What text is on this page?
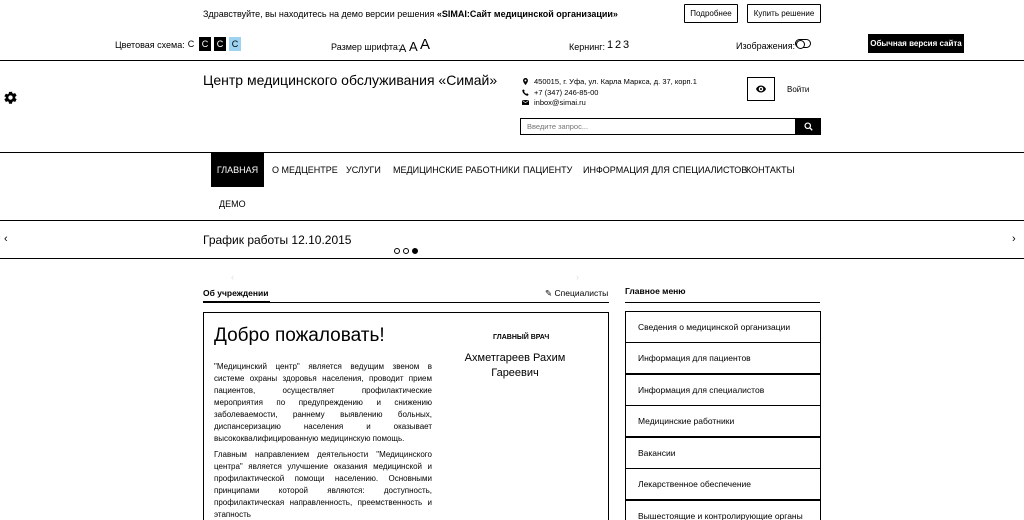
Здравствуйте, вы находитесь на демо версии решения «SIMAI:Сайт медицинской организации»	Подробнее	Купить решение
Цветовая схема: С С С С	Размер шрифта:
A A A	Кернинг: 1 2 3	Изображения:	Обычная версия сайта
Центр медицинского обслуживания «Симай»	450015, г. Уфа, ул. Карла Маркса, д. 37, корп.1
+7 (347) 246-85-00
inbox@simai.ru
Войти
Введите запрос...
ГЛАВНАЯ	О МЕДЦЕНТРЕ УСЛУГИ МЕДИЦИНСКИЕ РАБОТНИКИ ПАЦИЕНТУ ИНФОРМАЦИЯ ДЛЯ СПЕЦИАЛИСТОВ
КОНТАКТЫ
ДЕМО
‹	График работы 12.10.2015	›
‹	›
Об учреждении	✎ Специалисты
Добро пожаловать!
"Медицинский центр" является ведущим звеном в системе охраны здоровья населения, проводит прием пациентов, осуществляет профилактические мероприятия по предупреждению и снижению заболеваемости, раннему выявлению больных, диспансеризацию населения и оказывает высококвалифицированную медицинскую помощь.
Главным направлением деятельности "Медицинского центра" является улучшение оказания медицинской и профилактической помощи населению. Основными принципами которой являются: доступность, профилактическая направленность, преемственность и этапность
ГЛАВНЫЙ ВРАЧ
Ахметгареев Рахим Гареевич
Главное меню
Сведения о медицинской организации
Информация для пациентов
Информация для специалистов
Медицинские работники
Вакансии
Лекарственное обеспечение
Вышестоящие и контролирующие органы
